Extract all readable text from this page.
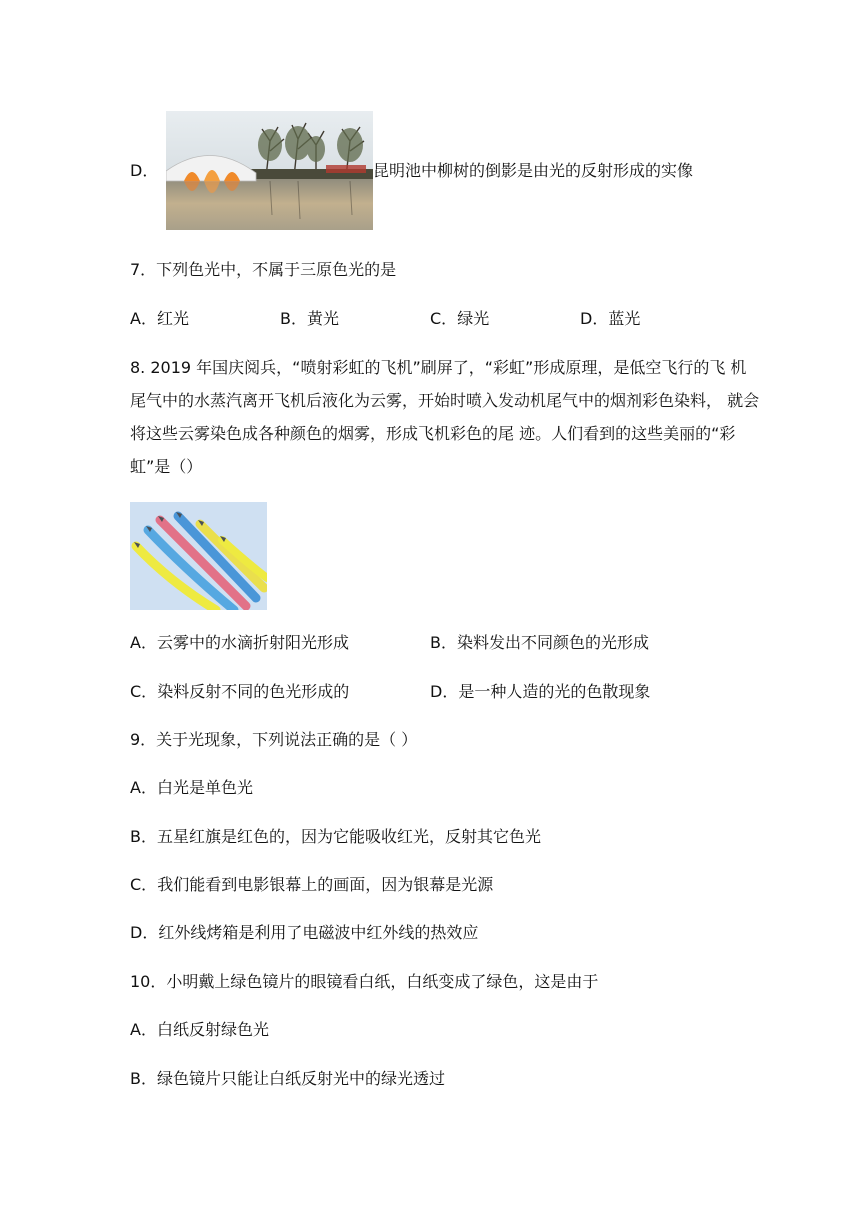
D．	昆明池中柳树的倒影是由光的反射形成的实像
7．下列色光中，不属于三原色光的是
A．红光	B．黄光	C．绿光	D．蓝光
8. 2019 年国庆阅兵，“喷射彩虹的飞机”刷屏了，“彩虹”形成原理，是低空飞行的飞 机
尾气中的水蒸汽离开飞机后液化为云雾，开始时喷入发动机尾气中的烟剂彩色染料， 就会
将这些云雾染色成各种颜色的烟雾，形成飞机彩色的尾 迹。人们看到的这些美丽的“彩
虹”是（）
A．云雾中的水滴折射阳光形成	B．染料发出不同颜色的光形成
C．染料反射不同的色光形成的	D．是一种人造的光的色散现象
9．关于光现象，下列说法正确的是（ ）
A．白光是单色光
B．五星红旗是红色的，因为它能吸收红光，反射其它色光
C．我们能看到电影银幕上的画面，因为银幕是光源
D．红外线烤箱是利用了电磁波中红外线的热效应
10．小明戴上绿色镜片的眼镜看白纸，白纸变成了绿色，这是由于
A．白纸反射绿色光
B．绿色镜片只能让白纸反射光中的绿光透过
